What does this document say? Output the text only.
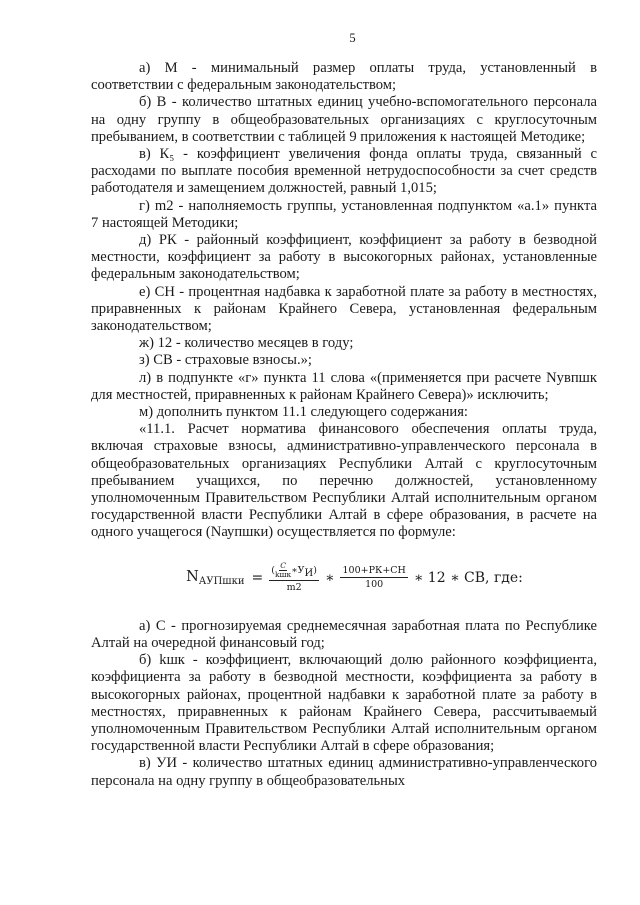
5

а) М - минимальный размер оплаты труда, установленный в соответствии с федеральным законодательством;

б) В - количество штатных единиц учебно-вспомогательного персонала на одну группу в общеобразовательных организациях с круглосуточным пребыванием, в соответствии с таблицей 9 приложения к настоящей Методике;

в) К₅ - коэффициент увеличения фонда оплаты труда, связанный с расходами по выплате пособия временной нетрудоспособности за счет средств работодателя и замещением должностей, равный 1,015;

г) m2 - наполняемость группы, установленная подпунктом «а.1» пункта 7 настоящей Методики;

д) РК - районный коэффициент, коэффициент за работу в безводной местности, коэффициент за работу в высокогорных районах, установленные федеральным законодательством;

е) СН - процентная надбавка к заработной плате за работу в местностях, приравненных к районам Крайнего Севера, установленная федеральным законодательством;

ж) 12 - количество месяцев в году;

з) СВ - страховые взносы.»;

л) в подпункте «г» пункта 11 слова «(применяется при расчете Nувпшк для местностей, приравненных к районам Крайнего Севера)» исключить;

м) дополнить пунктом 11.1 следующего содержания:

«11.1. Расчет норматива финансового обеспечения оплаты труда, включая страховые взносы, административно-управленческого персонала в общеобразовательных организациях Республики Алтай с круглосуточным пребыванием учащихся, по перечню должностей, установленному уполномоченным Правительством Республики Алтай исполнительным органом государственной власти Республики Алтай в сфере образования, в расчете на одного учащегося (Nаупшки) осуществляется по формуле:

$N_{АУПшки} = \frac{( \frac{C}{\text{kшк}} ∗УИ)}{m2}$ ∗ $\frac{100+РК+СН}{100}$ ∗ 12 ∗ CB, где:

а) С - прогнозируемая среднемесячная заработная плата по Республике Алтай на очередной финансовый год;

б) kшк - коэффициент, включающий долю районного коэффициента, коэффициента за работу в безводной местности, коэффициента за работу в высокогорных районах, процентной надбавки к заработной плате за работу в местностях, приравненных к районам Крайнего Севера, рассчитываемый уполномоченным Правительством Республики Алтай исполнительным органом государственной власти Республики Алтай в сфере образования;

в) УИ - количество штатных единиц административно-управленческого персонала на одну группу в общеобразовательных
